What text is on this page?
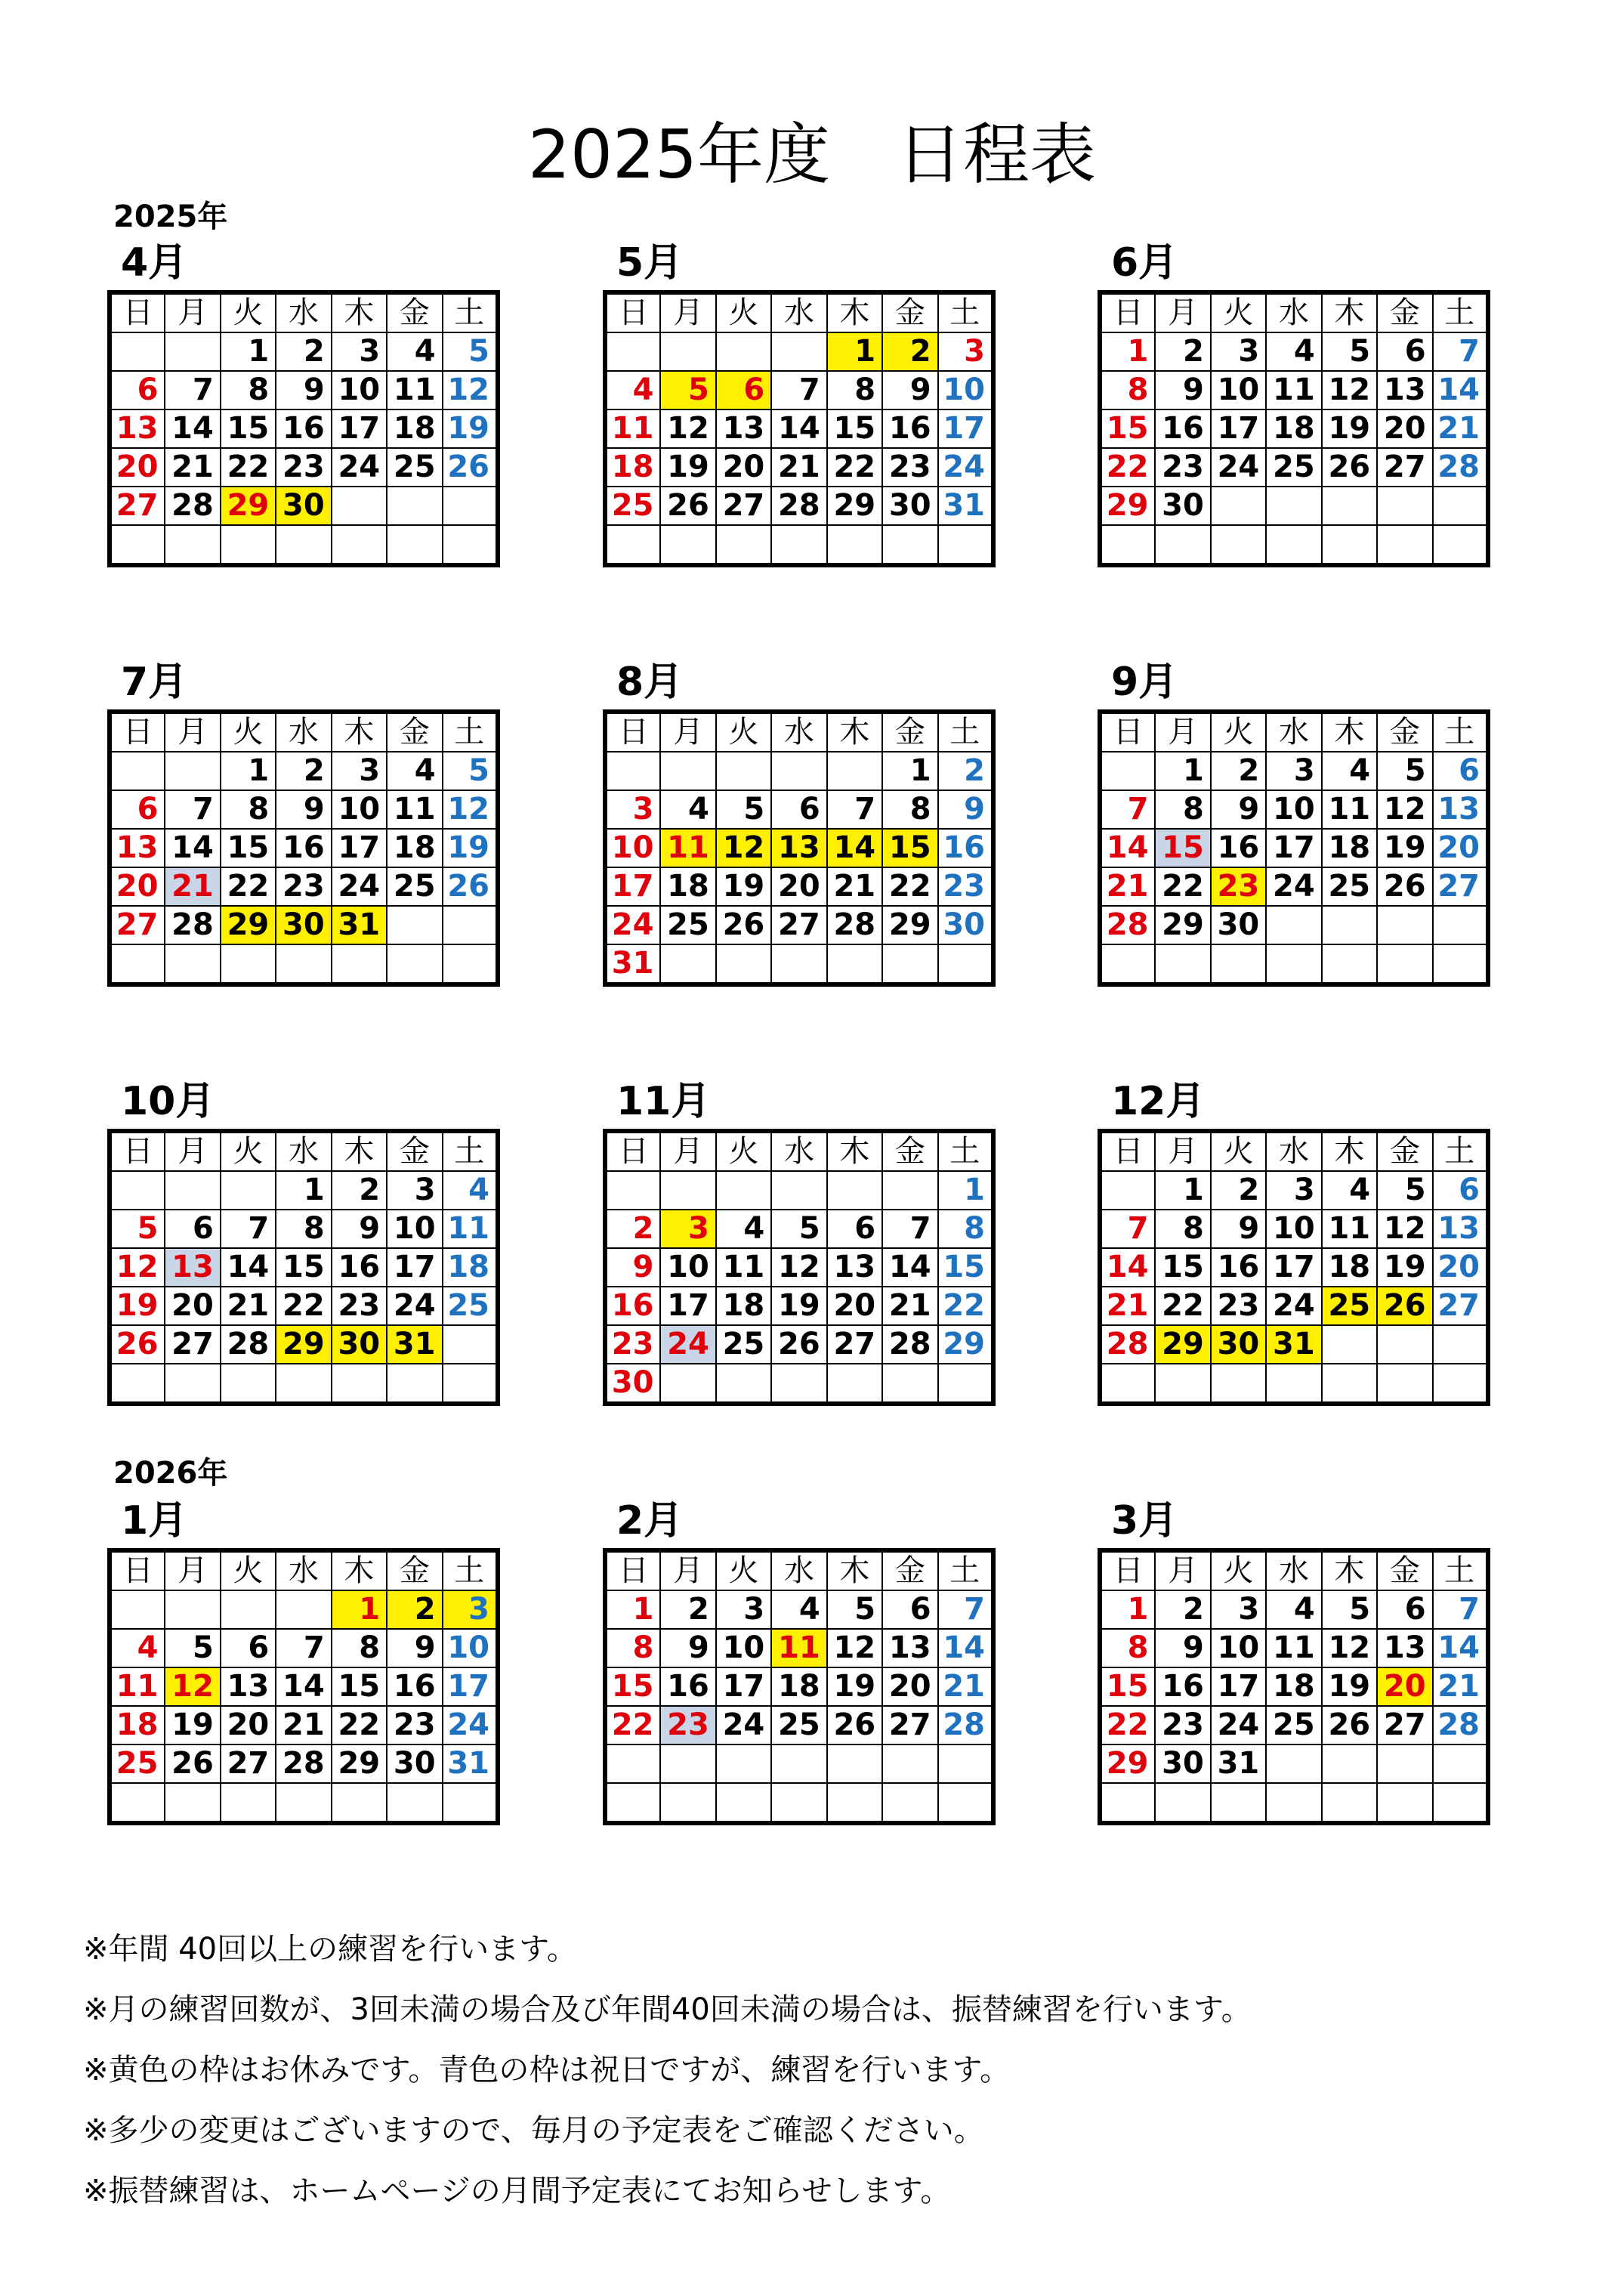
2025年度　日程表
2025年
2026年
4月
日	月	火	水	木	金	土
		1	2	3	4	5
6	7	8	9	10	11	12
13	14	15	16	17	18	19
20	21	22	23	24	25	26
27	28	29	30			

5月
日	月	火	水	木	金	土
				1	2	3
4	5	6	7	8	9	10
11	12	13	14	15	16	17
18	19	20	21	22	23	24
25	26	27	28	29	30	31

6月
日	月	火	水	木	金	土
1	2	3	4	5	6	7
8	9	10	11	12	13	14
15	16	17	18	19	20	21
22	23	24	25	26	27	28
29	30					

7月
日	月	火	水	木	金	土
		1	2	3	4	5
6	7	8	9	10	11	12
13	14	15	16	17	18	19
20	21	22	23	24	25	26
27	28	29	30	31		

8月
日	月	火	水	木	金	土
					1	2
3	4	5	6	7	8	9
10	11	12	13	14	15	16
17	18	19	20	21	22	23
24	25	26	27	28	29	30
31						
9月
日	月	火	水	木	金	土
	1	2	3	4	5	6
7	8	9	10	11	12	13
14	15	16	17	18	19	20
21	22	23	24	25	26	27
28	29	30				

10月
日	月	火	水	木	金	土
			1	2	3	4
5	6	7	8	9	10	11
12	13	14	15	16	17	18
19	20	21	22	23	24	25
26	27	28	29	30	31	

11月
日	月	火	水	木	金	土
						1
2	3	4	5	6	7	8
9	10	11	12	13	14	15
16	17	18	19	20	21	22
23	24	25	26	27	28	29
30						
12月
日	月	火	水	木	金	土
	1	2	3	4	5	6
7	8	9	10	11	12	13
14	15	16	17	18	19	20
21	22	23	24	25	26	27
28	29	30	31			

1月
日	月	火	水	木	金	土
				1	2	3
4	5	6	7	8	9	10
11	12	13	14	15	16	17
18	19	20	21	22	23	24
25	26	27	28	29	30	31

2月
日	月	火	水	木	金	土
1	2	3	4	5	6	7
8	9	10	11	12	13	14
15	16	17	18	19	20	21
22	23	24	25	26	27	28

3月
日	月	火	水	木	金	土
1	2	3	4	5	6	7
8	9	10	11	12	13	14
15	16	17	18	19	20	21
22	23	24	25	26	27	28
29	30	31				

※年間 40回以上の練習を行います。
※月の練習回数が、3回未満の場合及び年間40回未満の場合は、振替練習を行います。
※黄色の枠はお休みです。青色の枠は祝日ですが、練習を行います。
※多少の変更はございますので、毎月の予定表をご確認ください。
※振替練習は、ホームページの月間予定表にてお知らせします。
